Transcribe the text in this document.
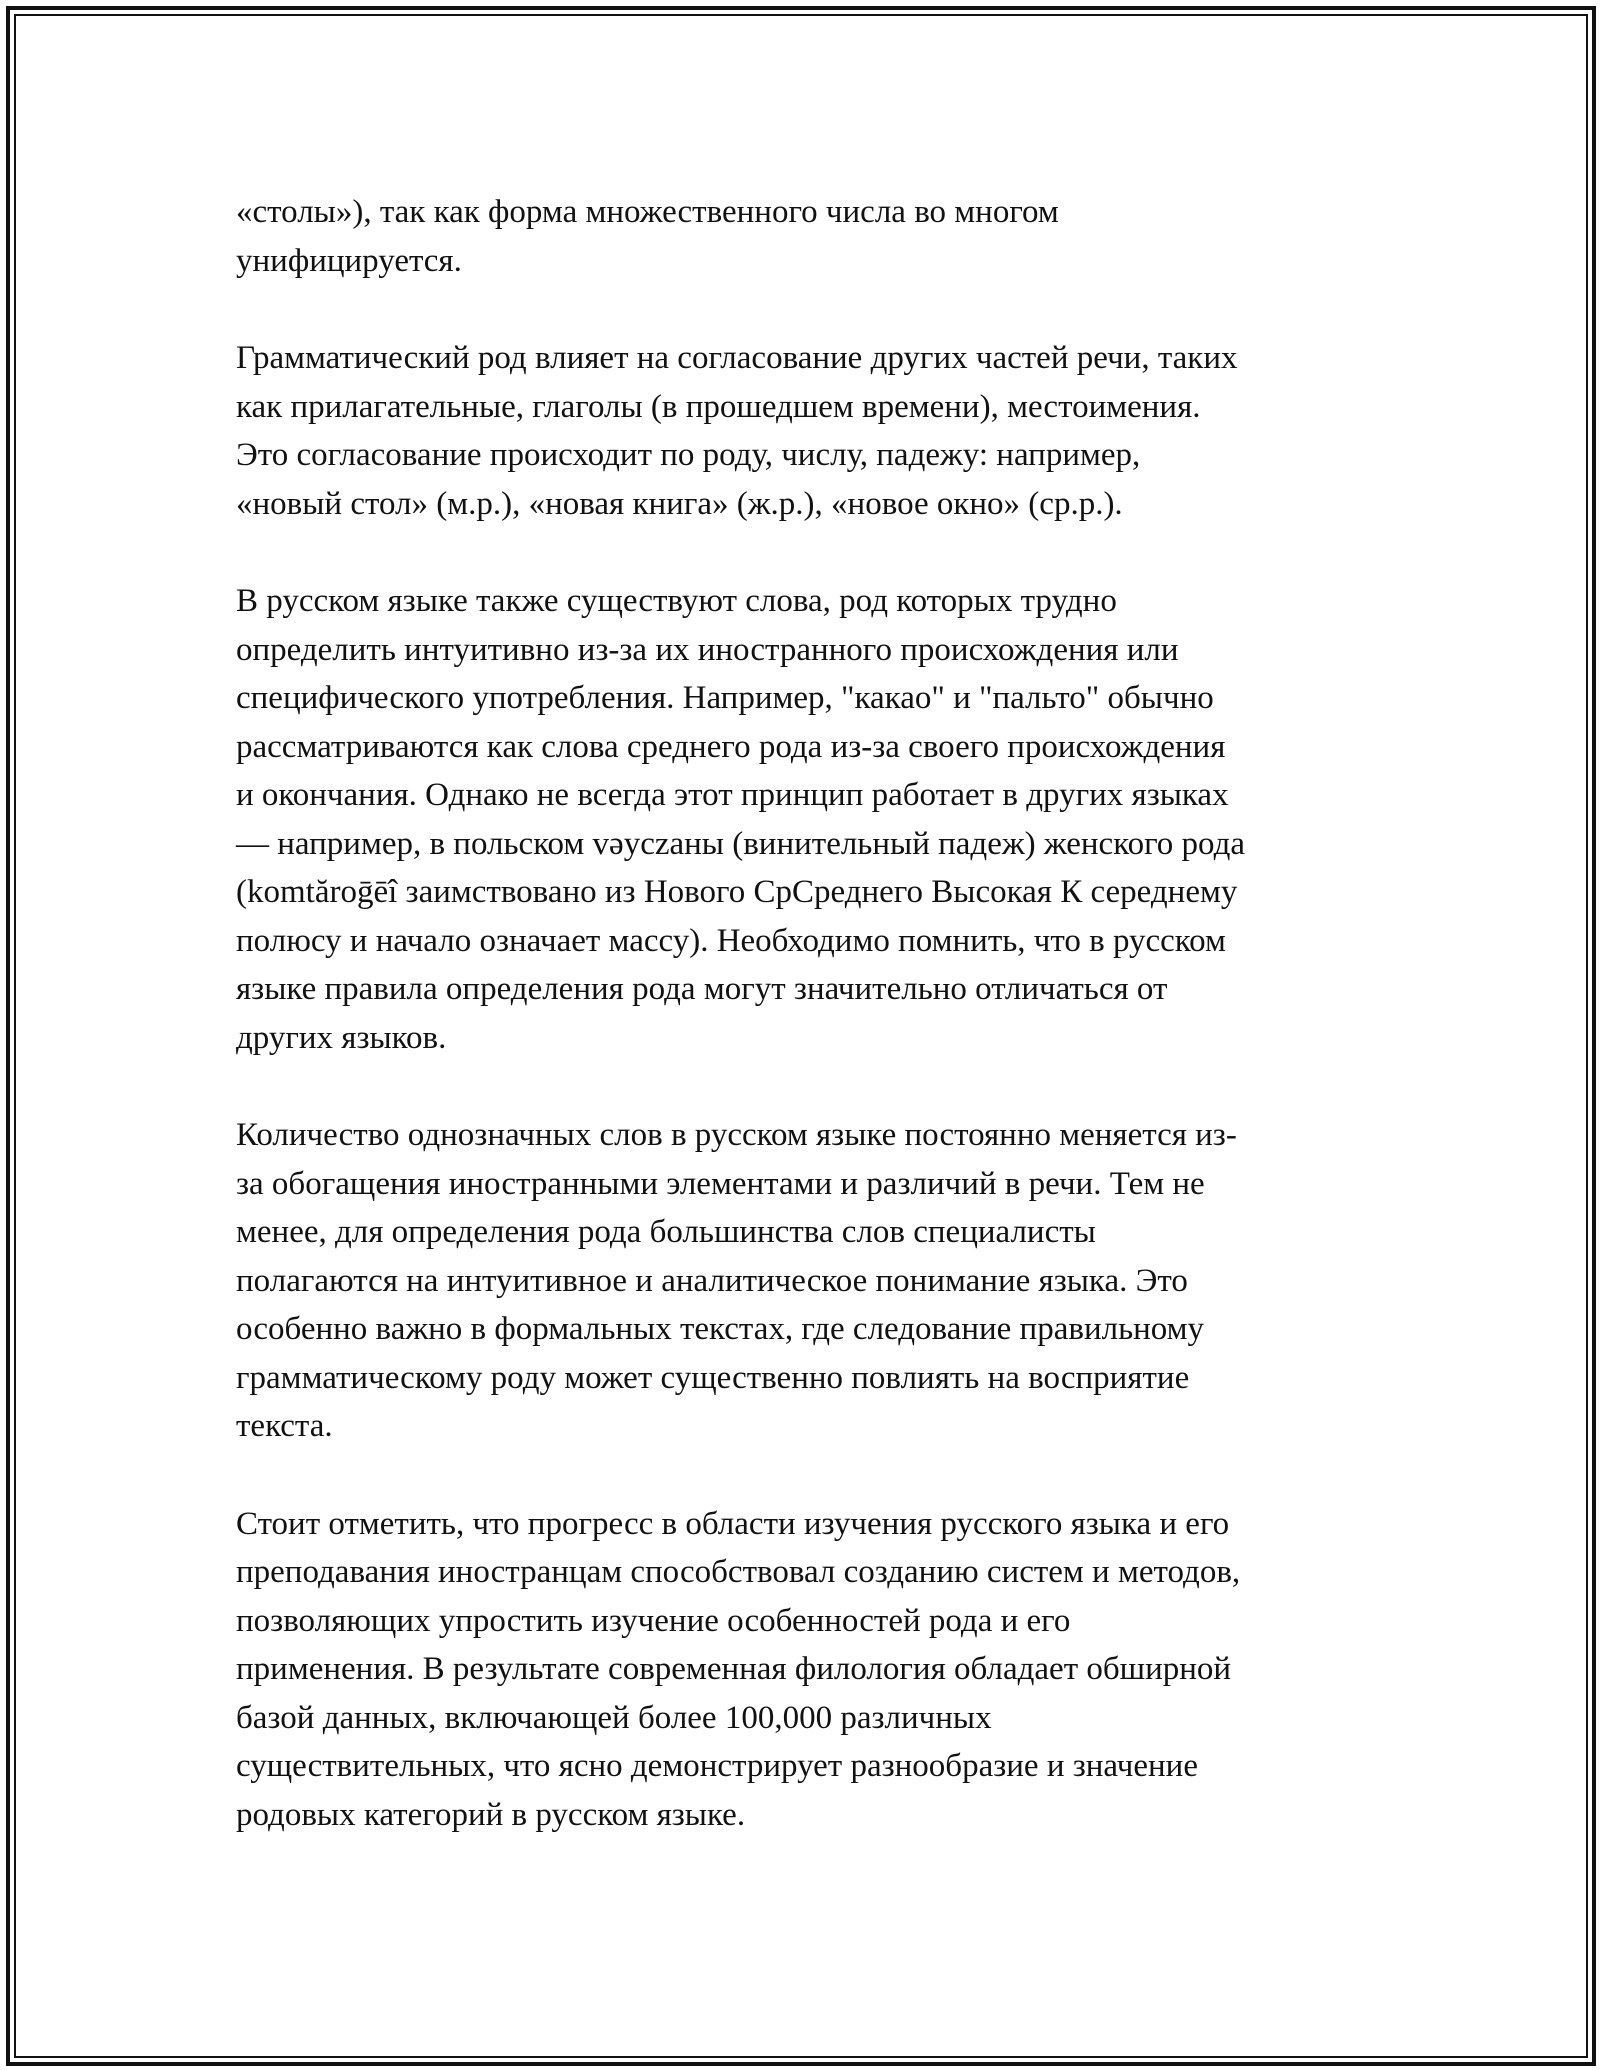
«столы»), так как форма множественного числа во многом
унифицируется.

Грамматический род влияет на согласование других частей речи, таких
как прилагательные, глаголы (в прошедшем времени), местоимения.
Это согласование происходит по роду, числу, падежу: например,
«новый стол» (м.р.), «новая книга» (ж.р.), «новое окно» (ср.р.).

В русском языке также существуют слова, род которых трудно
определить интуитивно из-за их иностранного происхождения или
специфического употребления. Например, "какао" и "пальто" обычно
рассматриваются как слова среднего рода из-за своего происхождения
и окончания. Однако не всегда этот принцип работает в других языках
— например, в польском vəyczаны (винительный падеж) женского рода
(komtăroḡēî заимствовано из Нового СрСреднего Высокая К середнему
полюсу и начало означает массу). Необходимо помнить, что в русском
языке правила определения рода могут значительно отличаться от
других языков.

Количество однозначных слов в русском языке постоянно меняется из-
за обогащения иностранными элементами и различий в речи. Тем не
менее, для определения рода большинства слов специалисты
полагаются на интуитивное и аналитическое понимание языка. Это
особенно важно в формальных текстах, где следование правильному
грамматическому роду может существенно повлиять на восприятие
текста.

Стоит отметить, что прогресс в области изучения русского языка и его
преподавания иностранцам способствовал созданию систем и методов,
позволяющих упростить изучение особенностей рода и его
применения. В результате современная филология обладает обширной
базой данных, включающей более 100,000 различных
существительных, что ясно демонстрирует разнообразие и значение
родовых категорий в русском языке.
